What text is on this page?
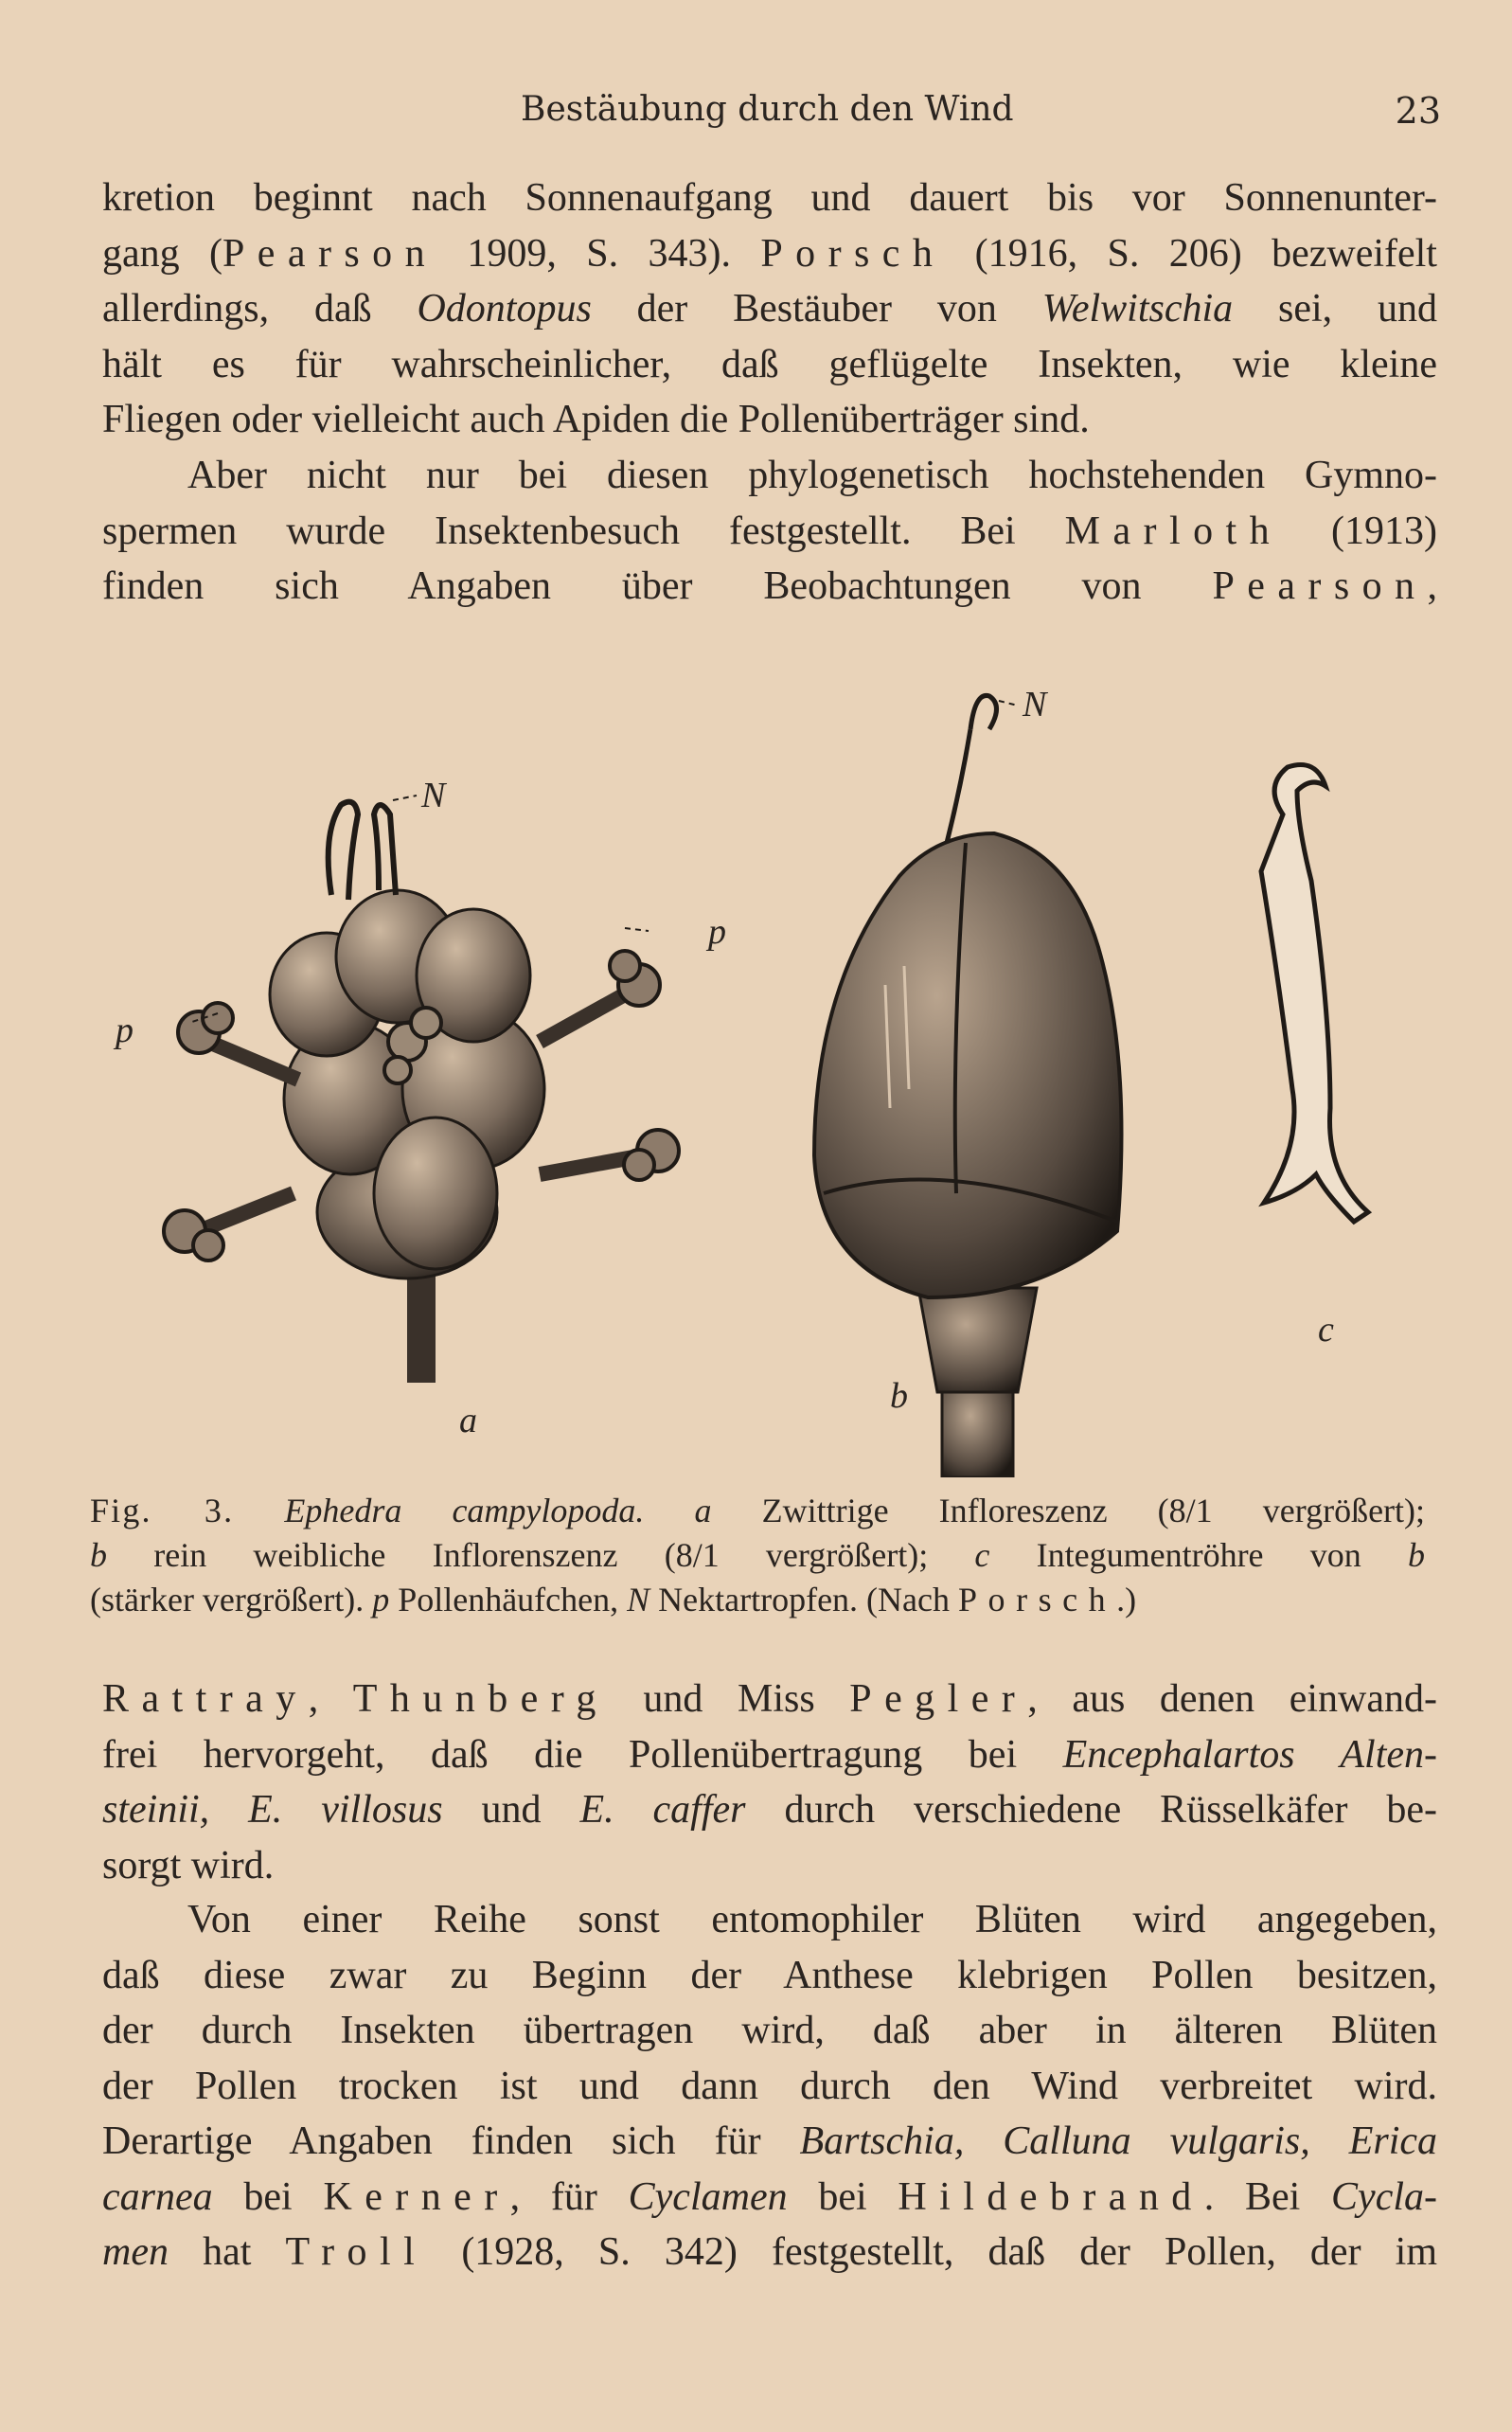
Bestäubung durch den Wind	23
kretion beginnt nach Sonnenaufgang und dauert bis vor Sonnenunter-
gang (Pearson 1909, S. 343). Porsch (1916, S. 206) bezweifelt
allerdings, daß Odontopus der Bestäuber von Welwitschia sei, und
hält es für wahrscheinlicher, daß geflügelte Insekten, wie kleine
Fliegen oder vielleicht auch Apiden die Pollenüberträger sind.
Aber nicht nur bei diesen phylogenetisch hochstehenden Gymno-
spermen wurde Insektenbesuch festgestellt. Bei Marloth (1913)
finden sich Angaben über Beobachtungen von Pearson,
a
b
c
N
N
p
p
Fig. 3. Ephedra campylopoda. a Zwittrige Infloreszenz (8/1 vergrößert);
b rein weibliche Inflorenszenz (8/1 vergrößert); c Integumentröhre von b
(stärker vergrößert). p Pollenhäufchen, N Nektartropfen. (Nach Porsch.)
Rattray, Thunberg und Miss Pegler, aus denen einwand-
frei hervorgeht, daß die Pollenübertragung bei Encephalartos Alten-
steinii, E. villosus und E. caffer durch verschiedene Rüsselkäfer be-
sorgt wird.
Von einer Reihe sonst entomophiler Blüten wird angegeben,
daß diese zwar zu Beginn der Anthese klebrigen Pollen besitzen,
der durch Insekten übertragen wird, daß aber in älteren Blüten
der Pollen trocken ist und dann durch den Wind verbreitet wird.
Derartige Angaben finden sich für Bartschia, Calluna vulgaris, Erica
carnea bei Kerner, für Cyclamen bei Hildebrand. Bei Cycla-
men hat Troll (1928, S. 342) festgestellt, daß der Pollen, der im
